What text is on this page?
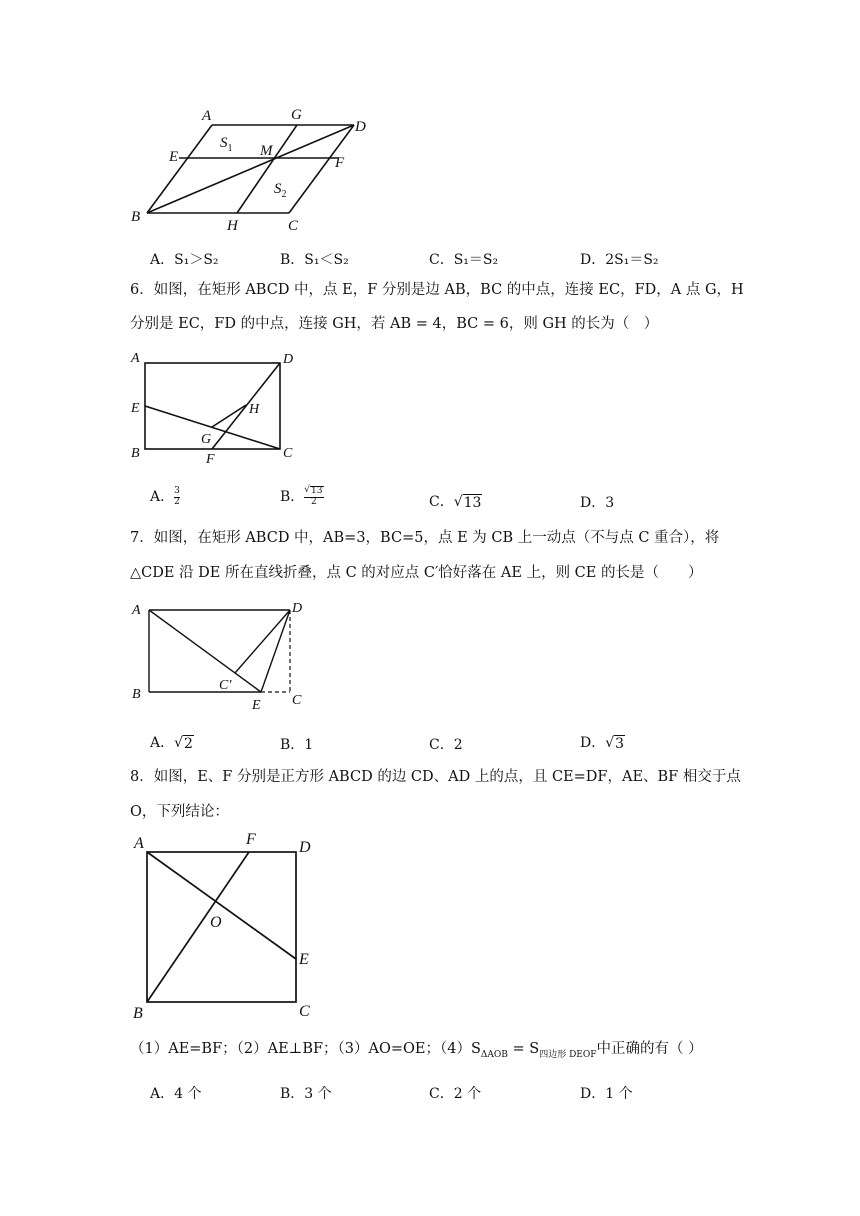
A	G
D
E
$S_1$ M
F
$S_2$
B
H	C
A．S₁＞S₂	B．S₁＜S₂	C．S₁＝S₂	D．2S₁＝S₂
6．如图，在矩形 ABCD 中，点 E，F 分别是边 AB，BC 的中点，连接 EC，FD，A 点 G，H
分别是 EC，FD 的中点，连接 GH，若 AB = 4，BC = 6，则 GH 的长为（　）
A	D
E	H
G
B	F	C
A． $\frac{3}{2}$	B． $\frac{√ 13}{2}$	C．√ 13	D．3
7．如图，在矩形 ABCD 中，AB=3，BC=5，点 E 为 CB 上一动点（不与点 C 重合），将
△CDE 沿 DE 所在直线折叠，点 C 的对应点 C′恰好落在 AE 上，则 CE 的长是（　　）
A	D
C'
B
E C
A．√ 2	B．1	C．2	D．√ 3
8．如图，E、F 分别是正方形 ABCD 的边 CD、AD 上的点，且 CE=DF，AE、BF 相交于点
O，下列结论：
A	F	D
O
E
B	C
（1）AE=BF；（2）AE⊥BF；（3）AO=OE；$(4)S_{\Delta AOB} = S_{四边形 DEOF}$中正确的有（ ）
A．4 个	B．3 个	C．2 个	D．1 个
